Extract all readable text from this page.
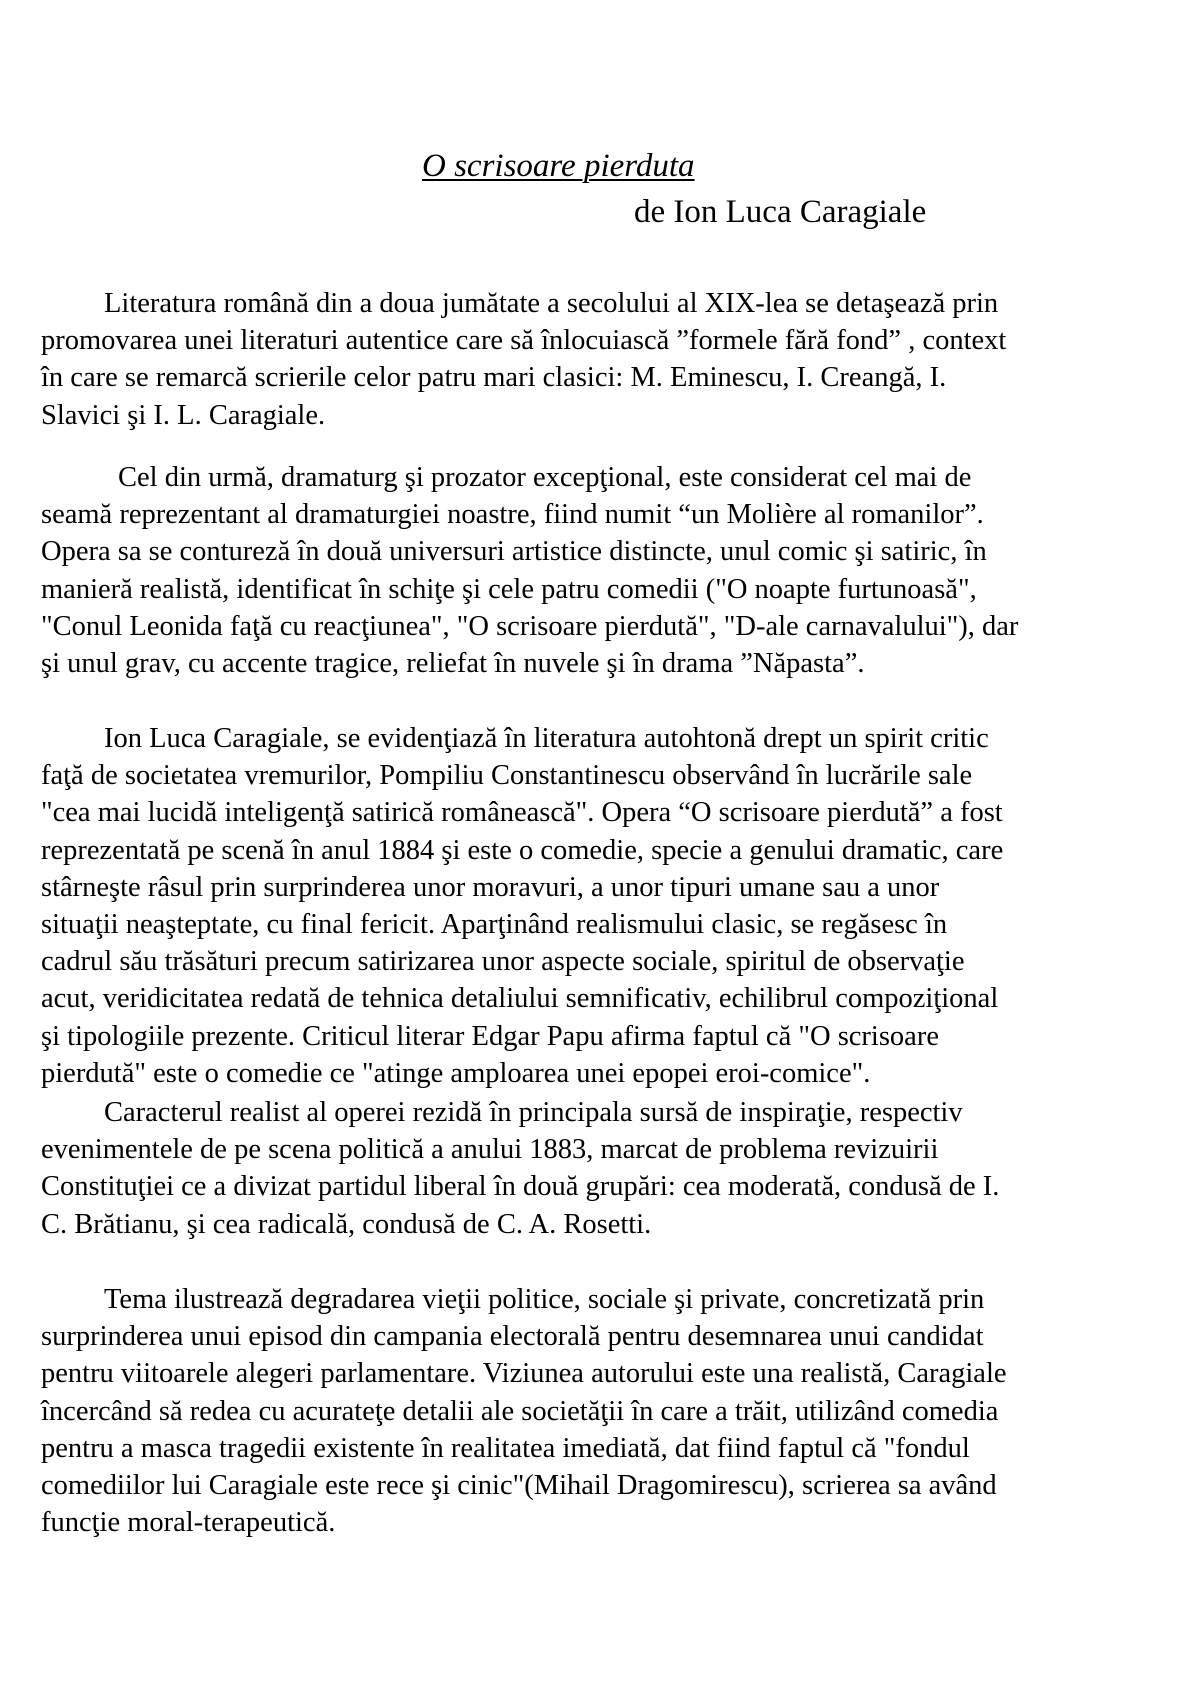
O scrisoare pierduta
de Ion Luca Caragiale
Literatura română din a doua jumătate a secolului al XIX-lea se detaşează prin
promovarea unei literaturi autentice care să înlocuiască ”formele fără fond” , context
în care se remarcă scrierile celor patru mari clasici: M. Eminescu, I. Creangă, I.
Slavici şi I. L. Caragiale.
Cel din urmă, dramaturg şi prozator excepţional, este considerat cel mai de
seamă reprezentant al dramaturgiei noastre, fiind numit “un Molière al romanilor”.
Opera sa se contureză în două universuri artistice distincte, unul comic şi satiric, în
manieră realistă, identificat în schiţe şi cele patru comedii ("O noapte furtunoasă",
"Conul Leonida faţă cu reacţiunea", "O scrisoare pierdută", "D-ale carnavalului"), dar
şi unul grav, cu accente tragice, reliefat în nuvele şi în drama ”Năpasta”.
Ion Luca Caragiale, se evidenţiază în literatura autohtonă drept un spirit critic
faţă de societatea vremurilor, Pompiliu Constantinescu observând în lucrările sale
"cea mai lucidă inteligenţă satirică românească". Opera “O scrisoare pierdută” a fost
reprezentată pe scenă în anul 1884 şi este o comedie, specie a genului dramatic, care
stârneşte râsul prin surprinderea unor moravuri, a unor tipuri umane sau a unor
situaţii neaşteptate, cu final fericit. Aparţinând realismului clasic, se regăsesc în
cadrul său trăsături precum satirizarea unor aspecte sociale, spiritul de observaţie
acut, veridicitatea redată de tehnica detaliului semnificativ, echilibrul compoziţional
şi tipologiile prezente. Criticul literar Edgar Papu afirma faptul că "O scrisoare
pierdută" este o comedie ce "atinge amploarea unei epopei eroi-comice".
Caracterul realist al operei rezidă în principala sursă de inspiraţie, respectiv
evenimentele de pe scena politică a anului 1883, marcat de problema revizuirii
Constituţiei ce a divizat partidul liberal în două grupări: cea moderată, condusă de I.
C. Brătianu, şi cea radicală, condusă de C. A. Rosetti.
Tema ilustrează degradarea vieţii politice, sociale şi private, concretizată prin
surprinderea unui episod din campania electorală pentru desemnarea unui candidat
pentru viitoarele alegeri parlamentare. Viziunea autorului este una realistă, Caragiale
încercând să redea cu acurateţe detalii ale societăţii în care a trăit, utilizând comedia
pentru a masca tragedii existente în realitatea imediată, dat fiind faptul că "fondul
comediilor lui Caragiale este rece şi cinic"(Mihail Dragomirescu), scrierea sa având
funcţie moral-terapeutică.
